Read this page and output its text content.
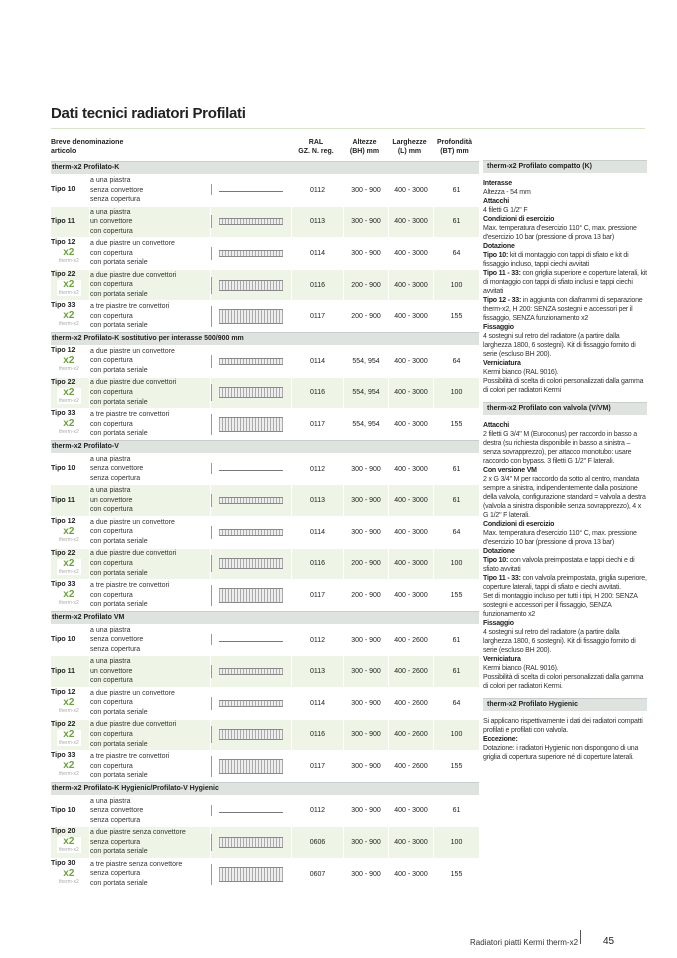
Dati tecnici radiatori Profilati
Breve denominazione
articolo
RAL
GZ. N. reg.
Altezze
(BH) mm
Larghezze
(L) mm
Profondità
(BT) mm
therm-x2 Profilato-K
Tipo 10
a una piastra
senza convettore
senza copertura
0112	300 - 900 400 - 3000	61
Tipo 11
a una piastra
un convettore
con copertura
0113	300 - 900 400 - 3000	61
Tipo 12
x2
therm-x2
a due piastre un convettore
con copertura
con portata seriale
0114	300 - 900 400 - 3000	64
Tipo 22
x2
therm-x2
a due piastre due convettori
con copertura
con portata seriale
0116	200 - 900 400 - 3000	100
Tipo 33
x2
therm-x2
a tre piastre tre convettori
con copertura
con portata seriale
0117	200 - 900 400 - 3000	155
therm-x2 Profilato-K sostitutivo per interasse 500/900 mm
Tipo 12
x2
therm-x2
a due piastre un convettore
con copertura
con portata seriale
0114	554, 954 400 - 3000	64
Tipo 22
x2
therm-x2
a due piastre due convettori
con copertura
con portata seriale
0116	554, 954 400 - 3000	100
Tipo 33
x2
therm-x2
a tre piastre tre convettori
con copertura
con portata seriale
0117	554, 954 400 - 3000	155
therm-x2 Profilato-V
Tipo 10
a una piastra
senza convettore
senza copertura
0112	300 - 900 400 - 3000	61
Tipo 11
a una piastra
un convettore
con copertura
0113	300 - 900 400 - 3000	61
Tipo 12
x2
therm-x2
a due piastre un convettore
con copertura
con portata seriale
0114	300 - 900 400 - 3000	64
Tipo 22
x2
therm-x2
a due piastre due convettori
con copertura
con portata seriale
0116	200 - 900 400 - 3000	100
Tipo 33
x2
therm-x2
a tre piastre tre convettori
con copertura
con portata seriale
0117	200 - 900 400 - 3000	155
therm-x2 Profilato VM
Tipo 10
a una piastra
senza convettore
senza copertura
0112	300 - 900 400 - 2600	61
Tipo 11
a una piastra
un convettore
con copertura
0113	300 - 900 400 - 2600	61
Tipo 12
x2
therm-x2
a due piastre un convettore
con copertura
con portata seriale
0114	300 - 900 400 - 2600	64
Tipo 22
x2
therm-x2
a due piastre due convettori
con copertura
con portata seriale
0116	300 - 900 400 - 2600	100
Tipo 33
x2
therm-x2
a tre piastre tre convettori
con copertura
con portata seriale
0117	300 - 900 400 - 2600	155
therm-x2 Profilato-K Hygienic/Profilato-V Hygienic
Tipo 10
a una piastra
senza convettore
senza copertura
0112	300 - 900 400 - 3000	61
Tipo 20
x2
therm-x2
a due piastre senza convettore
senza copertura
con portata seriale
0606	300 - 900 400 - 3000	100
Tipo 30
x2
therm-x2
a tre piastre senza convettore
senza copertura
con portata seriale
0607	300 - 900 400 - 3000	155
therm-x2 Profilato compatto (K)

Interasse

Altezza - 54 mm

Attacchi

4 filetti G 1/2" F

Condizioni di esercizio

Max. temperatura d'esercizio 110° C, max. pressione d'esercizio 10 bar (pressione di prova 13 bar)

Dotazione

Tipo 10: kit di montaggio con tappi di sfiato e kit di fissaggio incluso, tappi ciechi avvitati

Tipo 11 - 33: con griglia superiore e coperture laterali, kit di montaggio con tappi di sfiato inclusi e tappi ciechi avvitati

Tipo 12 - 33: in aggiunta con diaframmi di separazione therm-x2, H 200: SENZA sostegni e accessori per il fissaggio, SENZA funzionamento x2

Fissaggio

4 sostegni sul retro del radiatore (a partire dalla larghezza 1800, 6 sostegni). Kit di fissaggio fornito di serie (escluso BH 200).

Verniciatura

Kermi bianco (RAL 9016).

Possibilità di scelta di colori personalizzati dalla gamma di colori per radiatori Kermi

therm-x2 Profilato con valvola (V/VM)

Attacchi

2 filetti G 3/4" M (Euroconus) per raccordo in basso a destra (su richiesta disponibile in basso a sinistra – senza sovrapprezzo), per attacco monotubo: usare raccordo con bypass. 3 filetti G 1/2" F laterali.

Con versione VM

2 x G 3/4" M per raccordo da sotto al centro, mandata sempre a sinistra, indipendentemente dalla posizione della valvola, configurazione standard = valvola a destra (valvola a sinistra disponibile senza sovrapprezzo), 4 x G 1/2" F laterali.

Condizioni di esercizio

Max. temperatura d'esercizio 110° C, max. pressione d'esercizio 10 bar (pressione di prova 13 bar)

Dotazione

Tipo 10: con valvola preimpostata e tappi ciechi e di sfiato avvitati

Tipo 11 - 33: con valvola preimpostata, griglia superiore, coperture laterali, tappi di sfiato e ciechi avvitati.

Set di montaggio incluso per tutti i tipi, H 200: SENZA sostegni e accessori per il fissaggio, SENZA funzionamento x2

Fissaggio

4 sostegni sul retro del radiatore (a partire dalla larghezza 1800, 6 sostegni). Kit di fissaggio fornito di serie (escluso BH 200).

Verniciatura

Kermi bianco (RAL 9016).

Possibilità di scelta di colori personalizzati dalla gamma di colori per radiatori Kermi.

therm-x2 Profilato Hygienic

Si applicano rispettivamente i dati dei radiatori compatti profilati e profilati con valvola.

Eccezione:

Dotazione: i radiatori Hygienic non dispongono di una griglia di copertura superiore né di coperture laterali.

Radiatori piatti Kermi therm-x2 45
